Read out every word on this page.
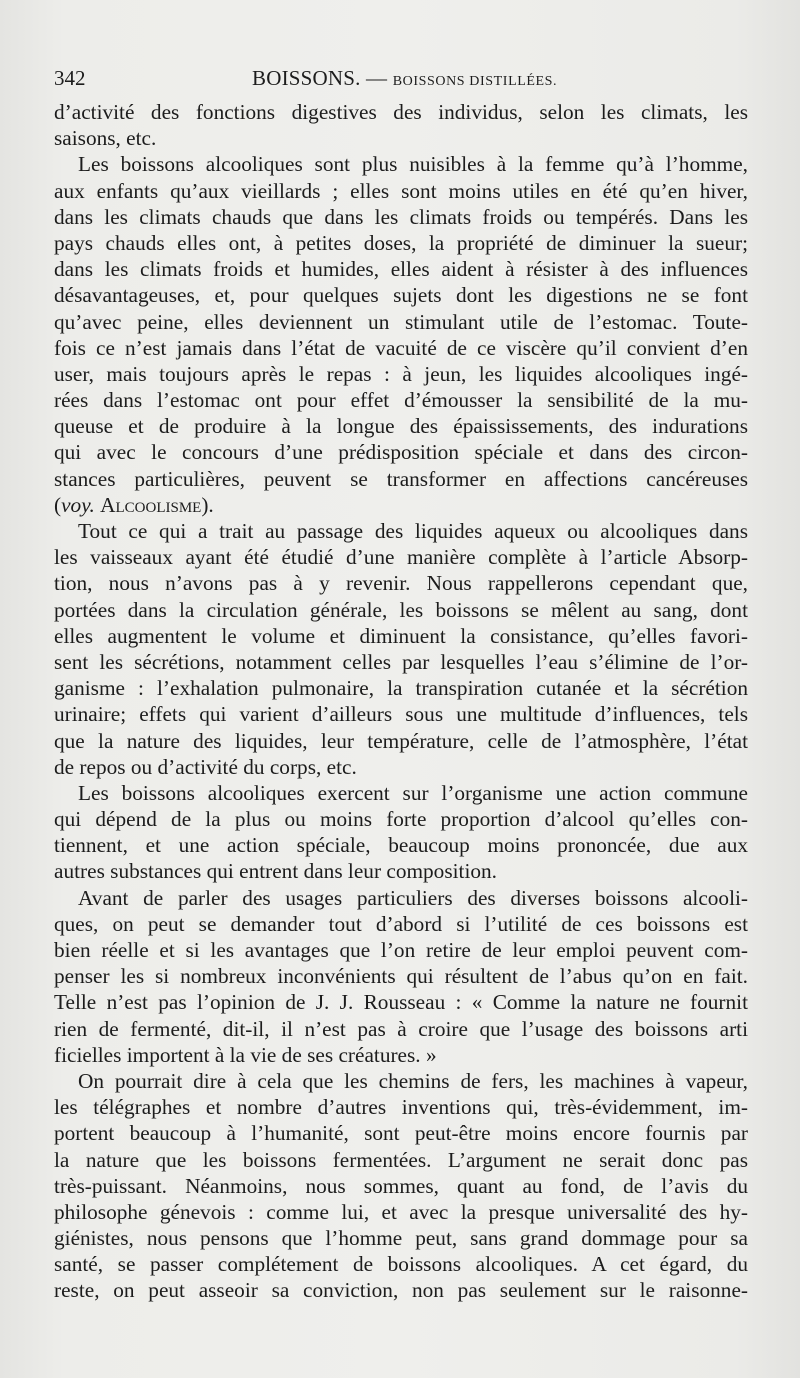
342	BOISSONS. — BOISSONS DISTILLÉES.
d’activité des fonctions digestives des individus, selon les climats, les
saisons, etc.
Les boissons alcooliques sont plus nuisibles à la femme qu’à l’homme,
aux enfants qu’aux vieillards ; elles sont moins utiles en été qu’en hiver,
dans les climats chauds que dans les climats froids ou tempérés. Dans les
pays chauds elles ont, à petites doses, la propriété de diminuer la sueur;
dans les climats froids et humides, elles aident à résister à des influences
désavantageuses, et, pour quelques sujets dont les digestions ne se font
qu’avec peine, elles deviennent un stimulant utile de l’estomac. Toute-
fois ce n’est jamais dans l’état de vacuité de ce viscère qu’il convient d’en
user, mais toujours après le repas : à jeun, les liquides alcooliques ingé-
rées dans l’estomac ont pour effet d’émousser la sensibilité de la mu-
queuse et de produire à la longue des épaississements, des indurations
qui avec le concours d’une prédisposition spéciale et dans des circon-
stances particulières, peuvent se transformer en affections cancéreuses
(voy. Alcoolisme).
Tout ce qui a trait au passage des liquides aqueux ou alcooliques dans
les vaisseaux ayant été étudié d’une manière complète à l’article Absorp-
tion, nous n’avons pas à y revenir. Nous rappellerons cependant que,
portées dans la circulation générale, les boissons se mêlent au sang, dont
elles augmentent le volume et diminuent la consistance, qu’elles favori-
sent les sécrétions, notamment celles par lesquelles l’eau s’élimine de l’or-
ganisme : l’exhalation pulmonaire, la transpiration cutanée et la sécrétion
urinaire; effets qui varient d’ailleurs sous une multitude d’influences, tels
que la nature des liquides, leur température, celle de l’atmosphère, l’état
de repos ou d’activité du corps, etc.
Les boissons alcooliques exercent sur l’organisme une action commune
qui dépend de la plus ou moins forte proportion d’alcool qu’elles con-
tiennent, et une action spéciale, beaucoup moins prononcée, due aux
autres substances qui entrent dans leur composition.
Avant de parler des usages particuliers des diverses boissons alcooli-
ques, on peut se demander tout d’abord si l’utilité de ces boissons est
bien réelle et si les avantages que l’on retire de leur emploi peuvent com-
penser les si nombreux inconvénients qui résultent de l’abus qu’on en fait.
Telle n’est pas l’opinion de J. J. Rousseau : « Comme la nature ne fournit
rien de fermenté, dit-il, il n’est pas à croire que l’usage des boissons arti
ficielles importent à la vie de ses créatures. »
On pourrait dire à cela que les chemins de fers, les machines à vapeur,
les télégraphes et nombre d’autres inventions qui, très-évidemment, im-
portent beaucoup à l’humanité, sont peut-être moins encore fournis par
la nature que les boissons fermentées. L’argument ne serait donc pas
très-puissant. Néanmoins, nous sommes, quant au fond, de l’avis du
philosophe génevois : comme lui, et avec la presque universalité des hy-
giénistes, nous pensons que l’homme peut, sans grand dommage pour sa
santé, se passer complétement de boissons alcooliques. A cet égard, du
reste, on peut asseoir sa conviction, non pas seulement sur le raisonne-
